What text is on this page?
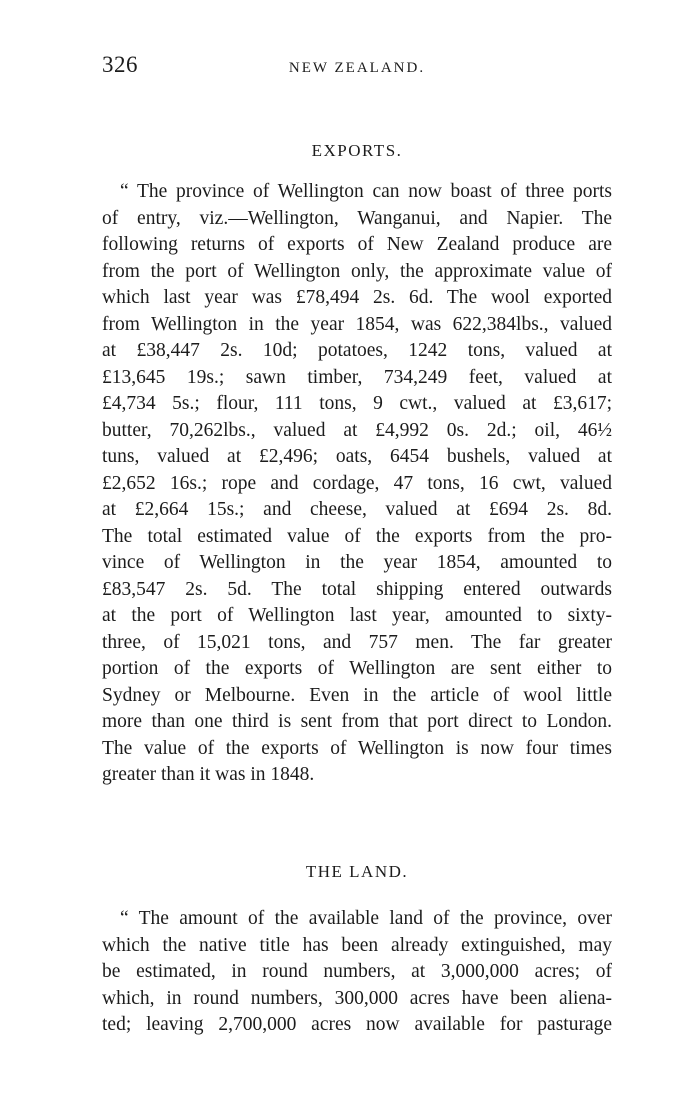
326	NEW ZEALAND.
EXPORTS.
“ The province of Wellington can now boast of three ports
of entry, viz.—Wellington, Wanganui, and Napier. The
following returns of exports of New Zealand produce are
from the port of Wellington only, the approximate value of
which last year was £78,494 2s. 6d. The wool exported
from Wellington in the year 1854, was 622,384lbs., valued
at £38,447 2s. 10d; potatoes, 1242 tons, valued at
£13,645 19s.; sawn timber, 734,249 feet, valued at
£4,734 5s.; flour, 111 tons, 9 cwt., valued at £3,617;
butter, 70,262lbs., valued at £4,992 0s. 2d.; oil, 46½
tuns, valued at £2,496; oats, 6454 bushels, valued at
£2,652 16s.; rope and cordage, 47 tons, 16 cwt, valued
at £2,664 15s.; and cheese, valued at £694 2s. 8d.
The total estimated value of the exports from the pro-
vince of Wellington in the year 1854, amounted to
£83,547 2s. 5d. The total shipping entered outwards
at the port of Wellington last year, amounted to sixty-
three, of 15,021 tons, and 757 men. The far greater
portion of the exports of Wellington are sent either to
Sydney or Melbourne. Even in the article of wool little
more than one third is sent from that port direct to London.
The value of the exports of Wellington is now four times
greater than it was in 1848.
THE LAND.
“ The amount of the available land of the province, over
which the native title has been already extinguished, may
be estimated, in round numbers, at 3,000,000 acres; of
which, in round numbers, 300,000 acres have been aliena-
ted; leaving 2,700,000 acres now available for pasturage
